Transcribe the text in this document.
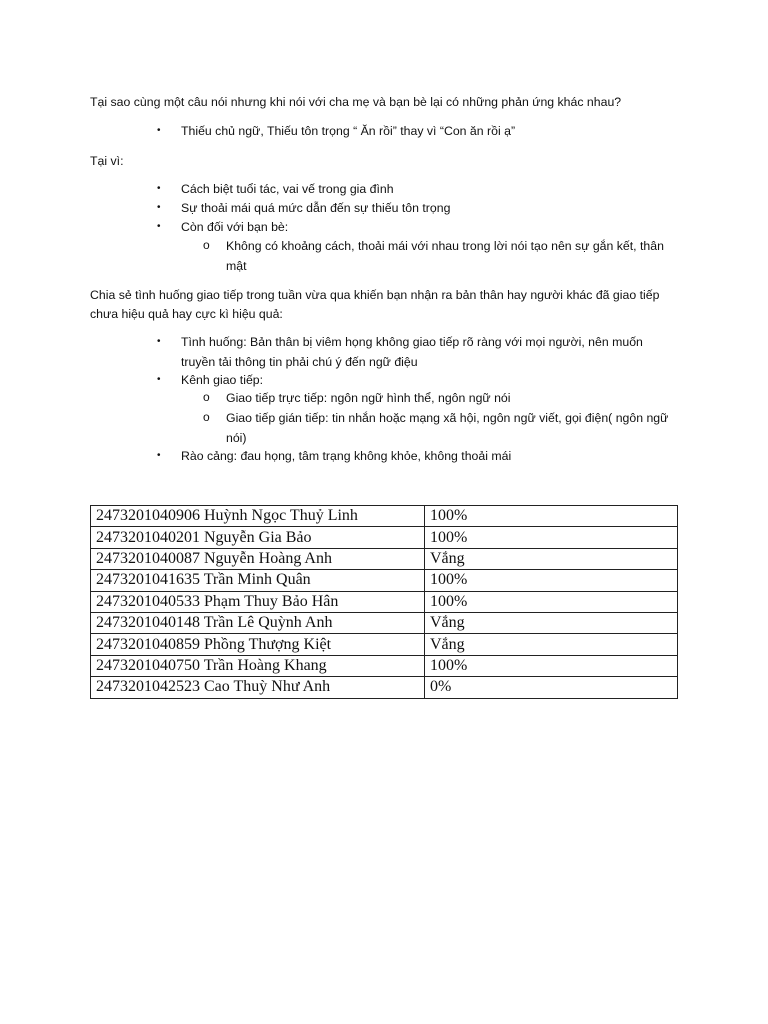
Tại sao cùng một câu nói nhưng khi nói với cha mẹ và bạn bè lại có những phản ứng khác nhau?
• Thiếu chủ ngữ, Thiếu tôn trọng “ Ăn rồi” thay vì “Con ăn rồi ạ”
Tại vì:
• Cách biệt tuổi tác, vai vế trong gia đình
• Sự thoải mái quá mức dẫn đến sự thiếu tôn trọng
• Còn đối với bạn bè:
o Không có khoảng cách, thoải mái với nhau trong lời nói tạo nên sự gắn kết, thân mật
Chia sẻ tình huống giao tiếp trong tuần vừa qua khiến bạn nhận ra bản thân hay người khác đã giao tiếp
chưa hiệu quả hay cực kì hiệu quả:
• Tình huống: Bản thân bị viêm họng không giao tiếp rõ ràng với mọi người, nên muốn
truyền tải thông tin phải chú ý đến ngữ điệu
• Kênh giao tiếp:
o Giao tiếp trực tiếp: ngôn ngữ hình thể, ngôn ngữ nói
o Giao tiếp gián tiếp: tin nhắn hoặc mạng xã hội, ngôn ngữ viết, gọi điện( ngôn ngữ nói)
• Rào cảng: đau họng, tâm trạng không khỏe, không thoải mái
2473201040906 Huỳnh Ngọc Thuỷ Linh	100%
2473201040201 Nguyễn Gia Bảo	100%
2473201040087 Nguyễn Hoàng Anh	Vắng
2473201041635 Trần Minh Quân	100%
2473201040533 Phạm Thuy Bảo Hân	100%
2473201040148 Trần Lê Quỳnh Anh	Vắng
2473201040859 Phồng Thượng Kiệt	Vắng
2473201040750 Trần Hoàng Khang	100%
2473201042523 Cao Thuỳ Như Anh	0%
